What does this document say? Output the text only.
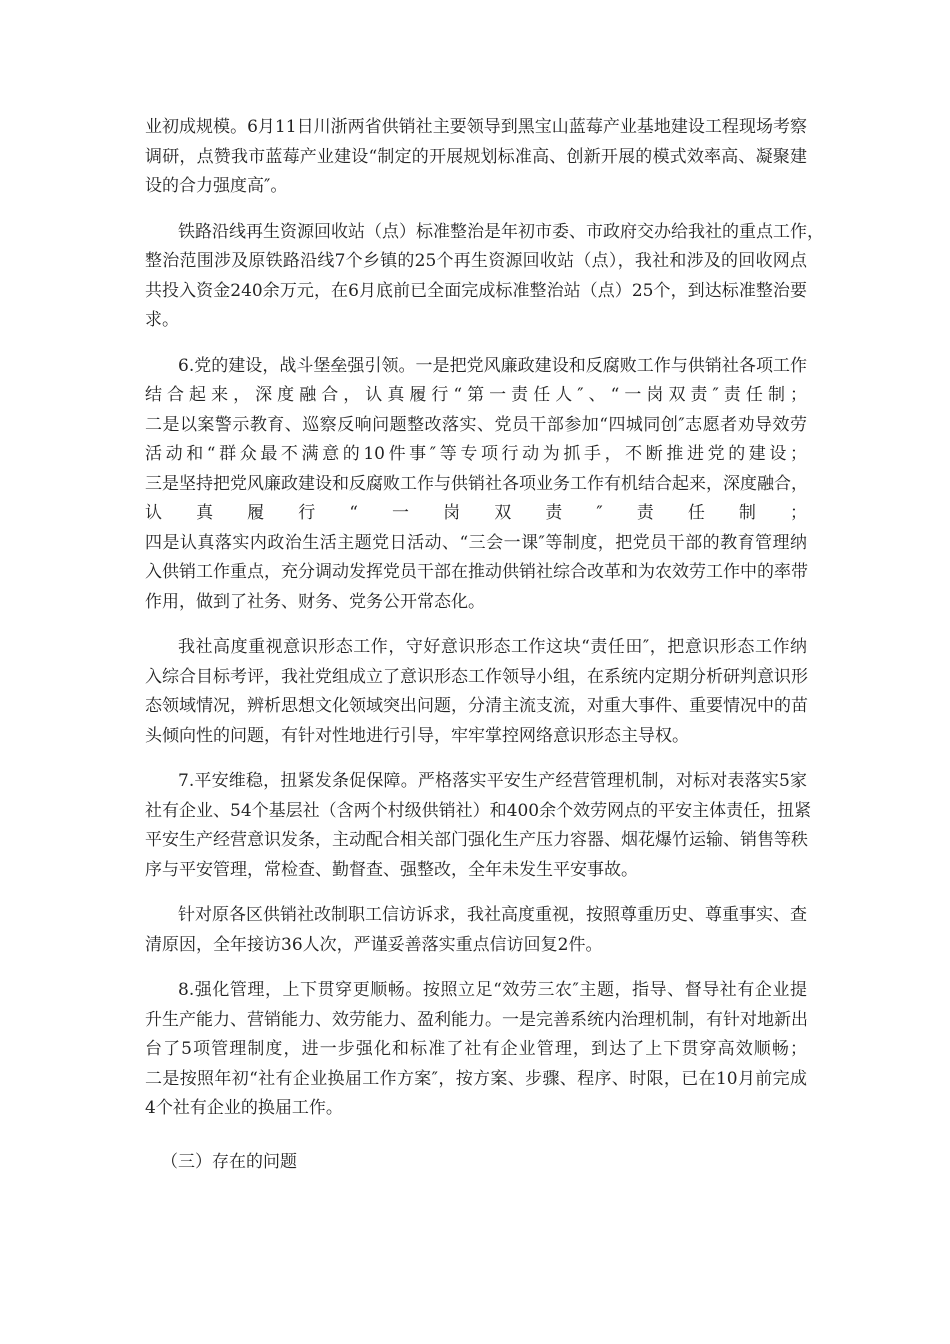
业初成规模。6月11日川浙两省供销社主要领导到黑宝山蓝莓产业基地建设工程现场考察
调研，点赞我市蓝莓产业建设“制定的开展规划标准高、创新开展的模式效率高、凝聚建
设的合力强度高″。
铁路沿线再生资源回收站（点）标准整治是年初市委、市政府交办给我社的重点工作，
整治范围涉及原铁路沿线7个乡镇的25个再生资源回收站（点），我社和涉及的回收网点
共投入资金240余万元，在6月底前已全面完成标准整治站（点）25个，到达标准整治要
求。
6.党的建设，战斗堡垒强引领。一是把党风廉政建设和反腐败工作与供销社各项工作
结合起来，深度融合，认真履行“第一责任人″、“一岗双责″责任制；
二是以案警示教育、巡察反响问题整改落实、党员干部参加“四城同创″志愿者劝导效劳
活动和“群众最不满意的10件事″等专项行动为抓手，不断推进党的建设；
三是坚持把党风廉政建设和反腐败工作与供销社各项业务工作有机结合起来，深度融合，
认真履行“一岗双责″责任制；
四是认真落实内政治生活主题党日活动、“三会一课″等制度，把党员干部的教育管理纳
入供销工作重点，充分调动发挥党员干部在推动供销社综合改革和为农效劳工作中的率带
作用，做到了社务、财务、党务公开常态化。
我社高度重视意识形态工作，守好意识形态工作这块“责任田″，把意识形态工作纳
入综合目标考评，我社党组成立了意识形态工作领导小组，在系统内定期分析研判意识形
态领域情况，辨析思想文化领域突出问题，分清主流支流，对重大事件、重要情况中的苗
头倾向性的问题，有针对性地进行引导，牢牢掌控网络意识形态主导权。
7.平安维稳，扭紧发条促保障。严格落实平安生产经营管理机制，对标对表落实5家
社有企业、54个基层社（含两个村级供销社）和400余个效劳网点的平安主体责任，扭紧
平安生产经营意识发条，主动配合相关部门强化生产压力容器、烟花爆竹运输、销售等秩
序与平安管理，常检查、勤督查、强整改，全年未发生平安事故。
针对原各区供销社改制职工信访诉求，我社高度重视，按照尊重历史、尊重事实、查
清原因，全年接访36人次，严谨妥善落实重点信访回复2件。
8.强化管理，上下贯穿更顺畅。按照立足“效劳三农″主题，指导、督导社有企业提
升生产能力、营销能力、效劳能力、盈利能力。一是完善系统内治理机制，有针对地新出
台了5项管理制度，进一步强化和标准了社有企业管理，到达了上下贯穿高效顺畅；
二是按照年初“社有企业换届工作方案″，按方案、步骤、程序、时限，已在10月前完成
4个社有企业的换届工作。
（三）存在的问题
